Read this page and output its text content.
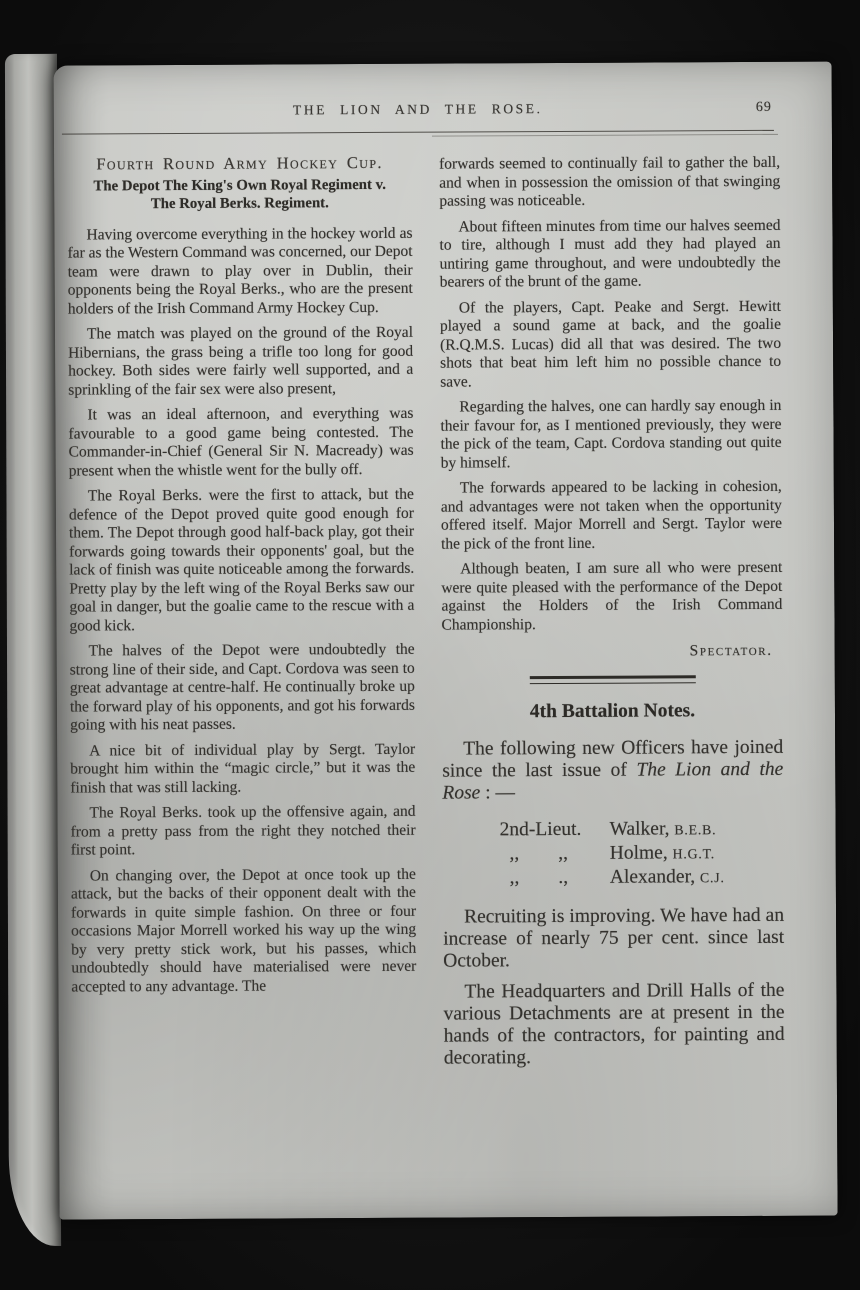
THE LION AND THE ROSE.	69

Fourth Round Army Hockey Cup.

The Depot The King's Own Royal Regiment v.
The Royal Berks. Regiment.

Having overcome everything in the hockey world as far as the Western Command was concerned, our Depot team were drawn to play over in Dublin, their opponents being the Royal Berks., who are the present holders of the Irish Command Army Hockey Cup.

The match was played on the ground of the Royal Hibernians, the grass being a trifle too long for good hockey. Both sides were fairly well supported, and a sprinkling of the fair sex were also present,

It was an ideal afternoon, and everything was favourable to a good game being contested. The Commander-in-Chief (General Sir N. Macready) was present when the whistle went for the bully off.

The Royal Berks. were the first to attack, but the defence of the Depot proved quite good enough for them. The Depot through good half-back play, got their forwards going towards their opponents' goal, but the lack of finish was quite noticeable among the forwards. Pretty play by the left wing of the Royal Berks saw our goal in danger, but the goalie came to the rescue with a good kick.

The halves of the Depot were undoubtedly the strong line of their side, and Capt. Cordova was seen to great advantage at centre-half. He continually broke up the forward play of his opponents, and got his forwards going with his neat passes.

A nice bit of individual play by Sergt. Taylor brought him within the “magic circle,” but it was the finish that was still lacking.

The Royal Berks. took up the offensive again, and from a pretty pass from the right they notched their first point.

On changing over, the Depot at once took up the attack, but the backs of their opponent dealt with the forwards in quite simple fashion. On three or four occasions Major Morrell worked his way up the wing by very pretty stick work, but his passes, which undoubtedly should have materialised were never accepted to any advantage. The

forwards seemed to continually fail to gather the ball, and when in possession the omission of that swinging passing was noticeable.

About fifteen minutes from time our halves seemed to tire, although I must add they had played an untiring game throughout, and were undoubtedly the bearers of the brunt of the game.

Of the players, Capt. Peake and Sergt. Hewitt played a sound game at back, and the goalie (R.Q.M.S. Lucas) did all that was desired. The two shots that beat him left him no possible chance to save.

Regarding the halves, one can hardly say enough in their favour for, as I mentioned previously, they were the pick of the team, Capt. Cordova standing out quite by himself.

The forwards appeared to be lacking in cohesion, and advantages were not taken when the opportunity offered itself. Major Morrell and Sergt. Taylor were the pick of the front line.

Although beaten, I am sure all who were present were quite pleased with the performance of the Depot against the Holders of the Irish Command Championship.

Spectator.

4th Battalion Notes.

The following new Officers have joined since the last issue of The Lion and the Rose : —

2nd-Lieut. Walker, B.E.B.
,,        ,, Holme, H.G.T.
,,        ., Alexander, C.J.

Recruiting is improving. We have had an increase of nearly 75 per cent. since last October.

The Headquarters and Drill Halls of the various Detachments are at present in the hands of the contractors, for painting and decorating.
